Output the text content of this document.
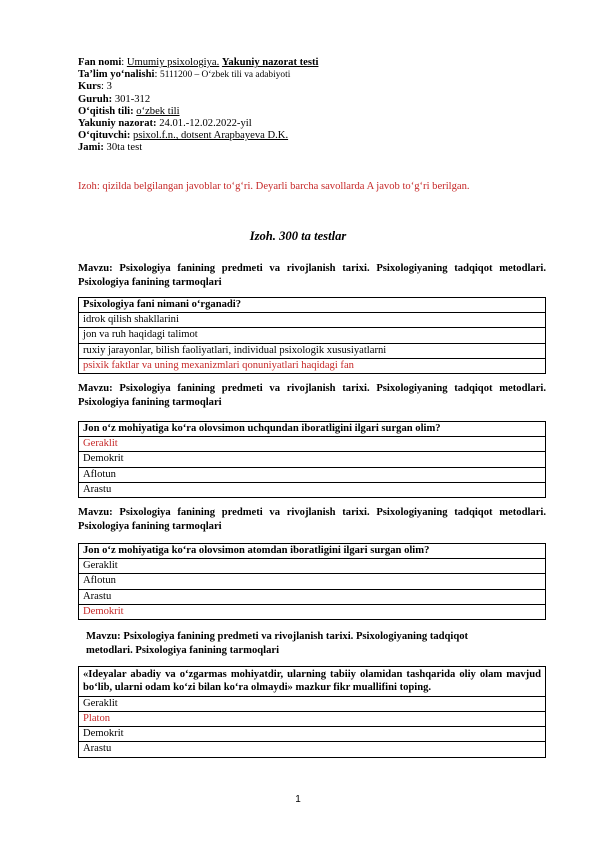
Fan nomi: Umumiy psixologiya. Yakuniy nazorat testi
Ta’lim yo‘nalishi: 5111200 – O‘zbek tili va adabiyoti
Kurs: 3
Guruh: 301-312
O‘qitish tili: o‘zbek tili
Yakuniy nazorat: 24.01.-12.02.2022-yil
O‘qituvchi: psixol.f.n., dotsent Arapbayeva D.K.
Jami: 30ta test
Izoh: qizilda belgilangan javoblar to‘g‘ri. Deyarli barcha savollarda A javob to‘g‘ri berilgan.
Izoh. 300 ta testlar
Mavzu: Psixologiya fanining predmeti va rivojlanish tarixi. Psixologiyaning tadqiqot metodlari. Psixologiya fanining tarmoqlari
Psixologiya fani nimani o‘rganadi?
idrok qilish shakllarini
jon va ruh haqidagi talimot
ruxiy jarayonlar, bilish faoliyatlari, individual psixologik xususiyatlarni
psixik faktlar va uning mexanizmlari qonuniyatlari haqidagi fan
Mavzu: Psixologiya fanining predmeti va rivojlanish tarixi. Psixologiyaning tadqiqot metodlari. Psixologiya fanining tarmoqlari
Jon o‘z mohiyatiga ko‘ra olovsimon uchqundan iboratligini ilgari surgan olim?
Geraklit
Demokrit
Aflotun
Arastu
Mavzu: Psixologiya fanining predmeti va rivojlanish tarixi. Psixologiyaning tadqiqot metodlari. Psixologiya fanining tarmoqlari
Jon o‘z mohiyatiga ko‘ra olovsimon atomdan iboratligini ilgari surgan olim?
Geraklit
Aflotun
Arastu
Demokrit
Mavzu: Psixologiya fanining predmeti va rivojlanish tarixi. Psixologiyaning tadqiqot metodlari. Psixologiya fanining tarmoqlari
«Ideyalar abadiy va o‘zgarmas mohiyatdir, ularning tabiiy olamidan tashqarida oliy olam mavjud bo‘lib, ularni odam ko‘zi bilan ko‘ra olmaydi» mazkur fikr muallifini toping.
Geraklit
Platon
Demokrit
Arastu
1
